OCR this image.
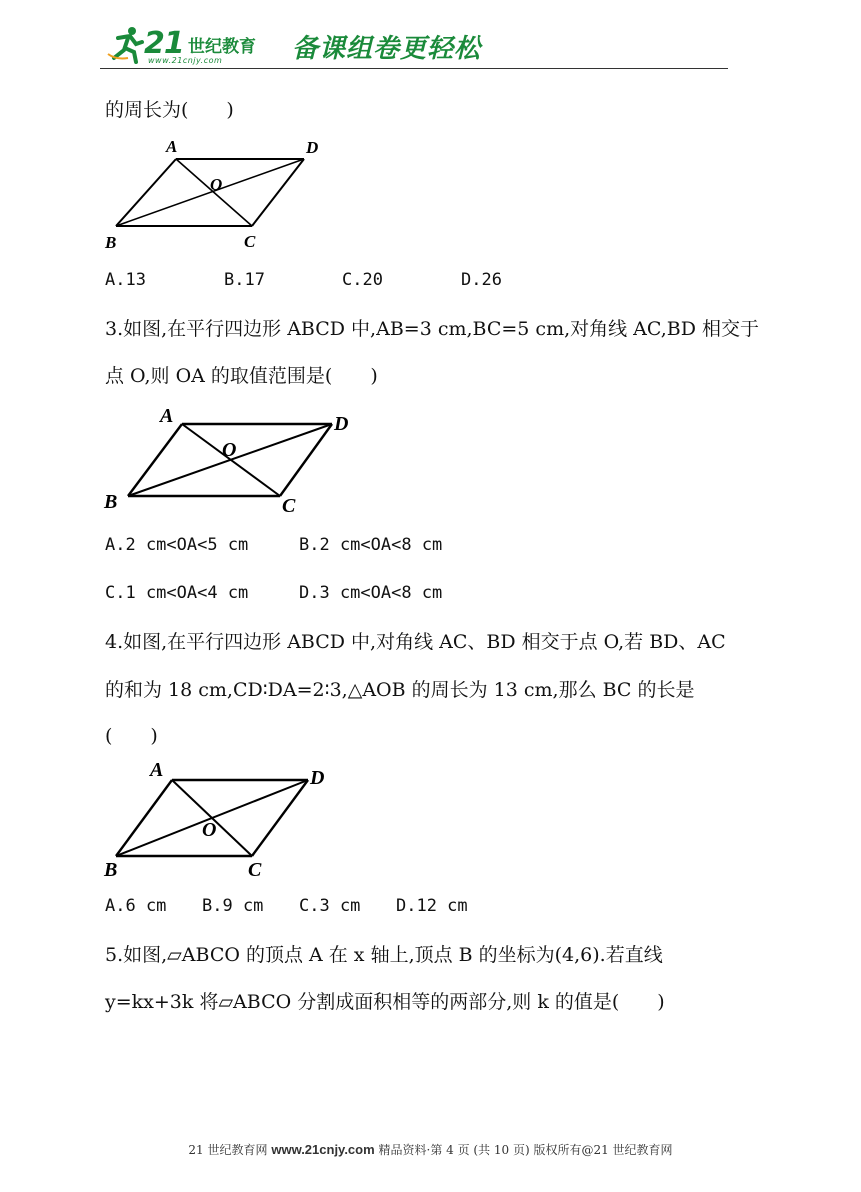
21 世纪教育
www.21cnjy.com	备课组卷更轻松
的周长为(　　)
A	D
O
B	C
A.13	B.17	C.20	D.26
3.如图,在平行四边形 ABCD 中,AB=3 cm,BC=5 cm,对角线 AC,BD 相交于
点 O,则 OA 的取值范围是(　　)
A	D
O
B	C
A.2 cm<OA<5 cm	B.2 cm<OA<8 cm
C.1 cm<OA<4 cm	D.3 cm<OA<8 cm
4.如图,在平行四边形 ABCD 中,对角线 AC、BD 相交于点 O,若 BD、AC
的和为 18 cm,CD∶DA=2∶3,△AOB 的周长为 13 cm,那么 BC 的长是
(　　)
A	D
O
B	C
A.6 cm B.9 cm C.3 cm D.12 cm
5.如图,▱ABCO 的顶点 A 在 x 轴上,顶点 B 的坐标为(4,6).若直线
y=kx+3k 将▱ABCO 分割成面积相等的两部分,则 k 的值是(　　)
21 世纪教育网 www.21cnjy.com 精品资料·第 4 页 (共 10 页) 版权所有@21 世纪教育网
